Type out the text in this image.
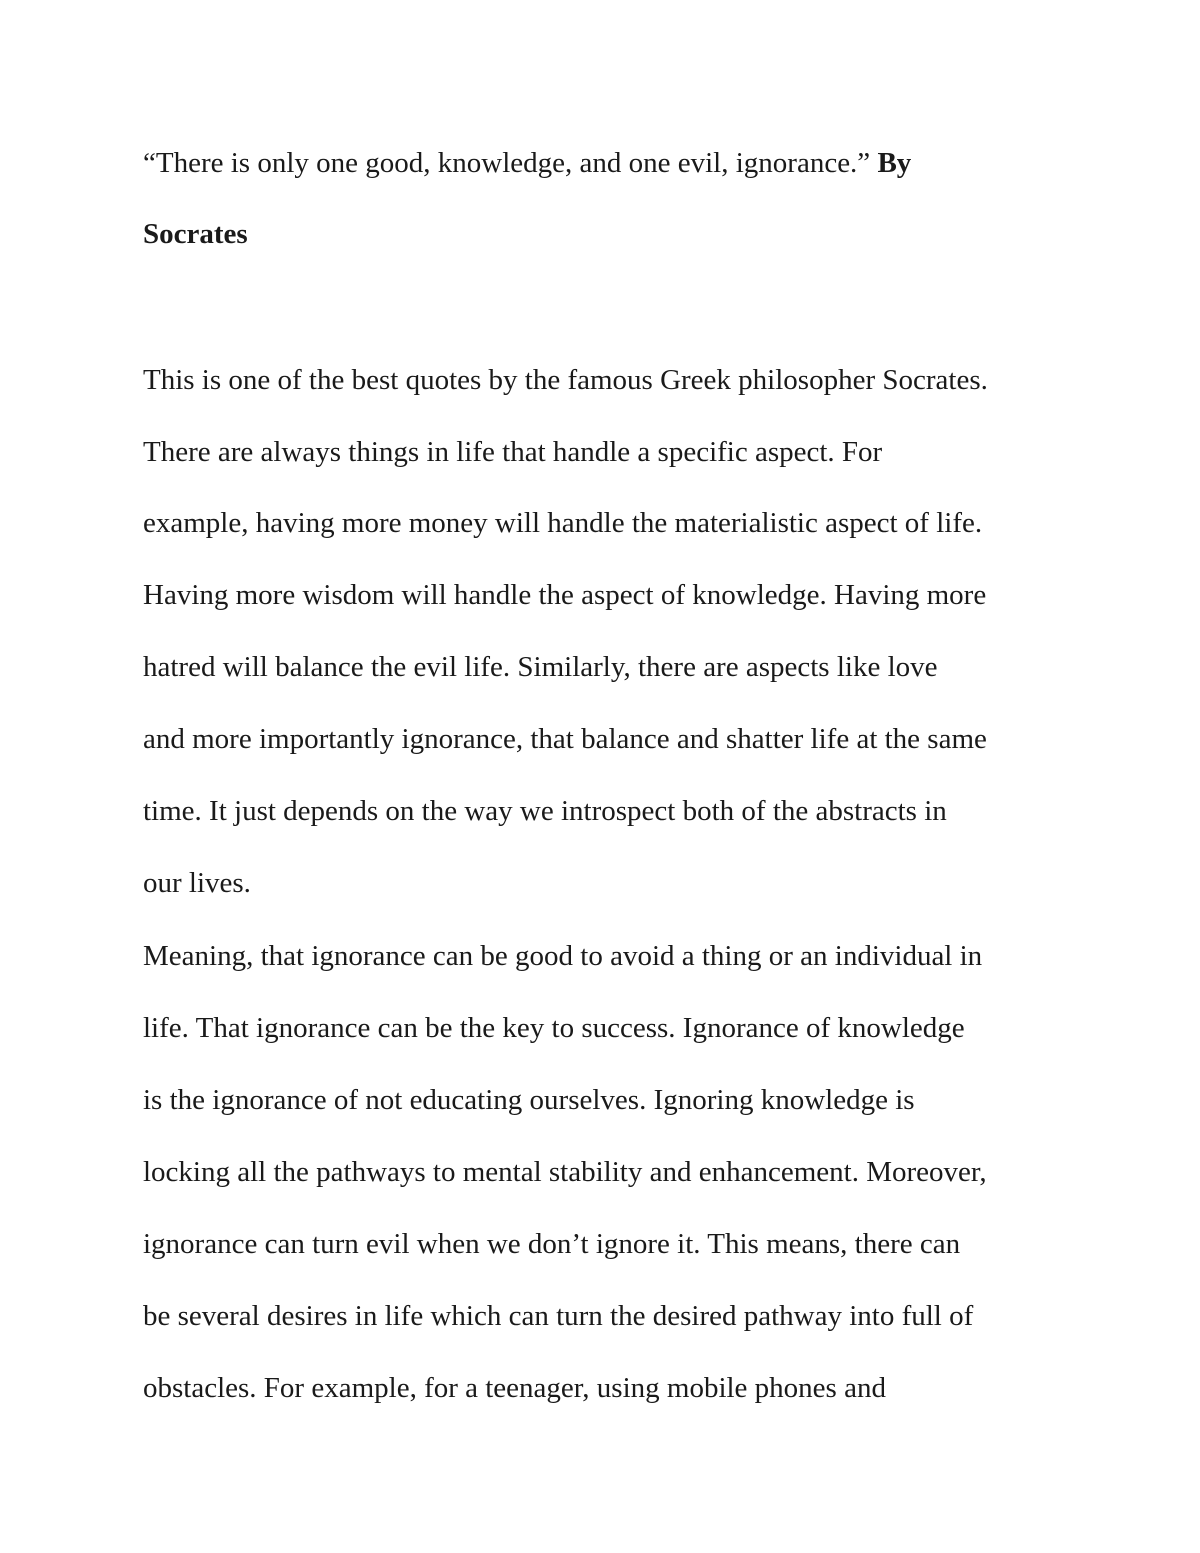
“There is only one good, knowledge, and one evil, ignorance.” By
Socrates
This is one of the best quotes by the famous Greek philosopher Socrates.
There are always things in life that handle a specific aspect. For
example, having more money will handle the materialistic aspect of life.
Having more wisdom will handle the aspect of knowledge. Having more
hatred will balance the evil life. Similarly, there are aspects like love
and more importantly ignorance, that balance and shatter life at the same
time. It just depends on the way we introspect both of the abstracts in
our lives.
Meaning, that ignorance can be good to avoid a thing or an individual in
life. That ignorance can be the key to success. Ignorance of knowledge
is the ignorance of not educating ourselves. Ignoring knowledge is
locking all the pathways to mental stability and enhancement. Moreover,
ignorance can turn evil when we don’t ignore it. This means, there can
be several desires in life which can turn the desired pathway into full of
obstacles. For example, for a teenager, using mobile phones and
